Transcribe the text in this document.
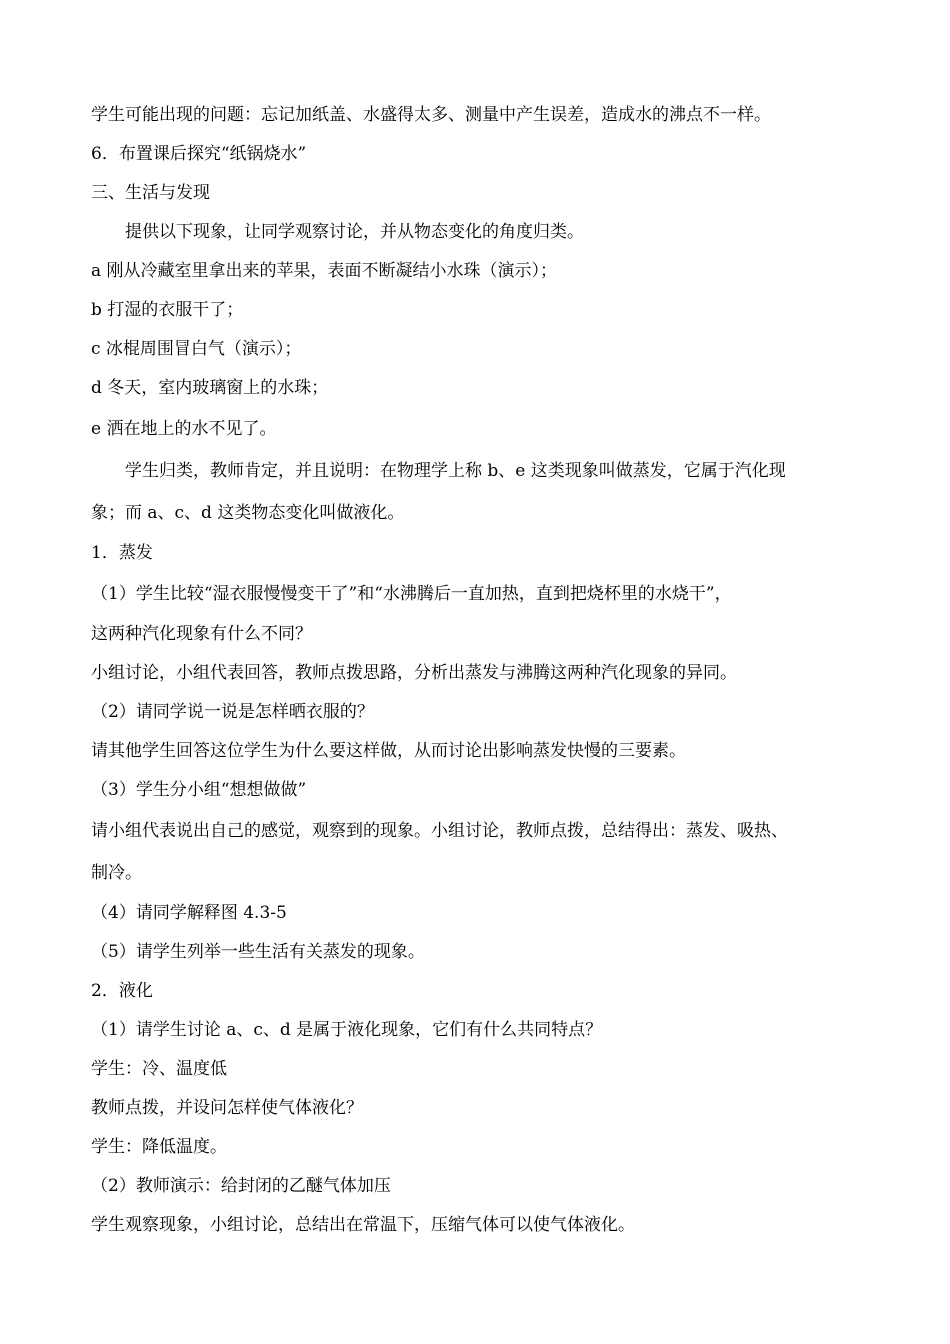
学生可能出现的问题：忘记加纸盖、水盛得太多、测量中产生误差，造成水的沸点不一样。
6．布置课后探究“纸锅烧水”
三、生活与发现
提供以下现象，让同学观察讨论，并从物态变化的角度归类。
a 刚从冷藏室里拿出来的苹果，表面不断凝结小水珠（演示）；
b 打湿的衣服干了；
c 冰棍周围冒白气（演示）；
d 冬天，室内玻璃窗上的水珠；
e 洒在地上的水不见了。
学生归类，教师肯定，并且说明：在物理学上称 b、e 这类现象叫做蒸发，它属于汽化现
象；而 a、c、d 这类物态变化叫做液化。
1．蒸发
（1）学生比较“湿衣服慢慢变干了”和“水沸腾后一直加热，直到把烧杯里的水烧干”，
这两种汽化现象有什么不同？
小组讨论，小组代表回答，教师点拨思路，分析出蒸发与沸腾这两种汽化现象的异同。
（2）请同学说一说是怎样晒衣服的？
请其他学生回答这位学生为什么要这样做，从而讨论出影响蒸发快慢的三要素。
（3）学生分小组“想想做做”
请小组代表说出自己的感觉，观察到的现象。小组讨论，教师点拨，总结得出：蒸发、吸热、
制冷。
（4）请同学解释图 4.3-5
（5）请学生列举一些生活有关蒸发的现象。
2．液化
（1）请学生讨论 a、c、d 是属于液化现象，它们有什么共同特点？
学生：冷、温度低
教师点拨，并设问怎样使气体液化？
学生：降低温度。
（2）教师演示：给封闭的乙醚气体加压
学生观察现象，小组讨论，总结出在常温下，压缩气体可以使气体液化。
